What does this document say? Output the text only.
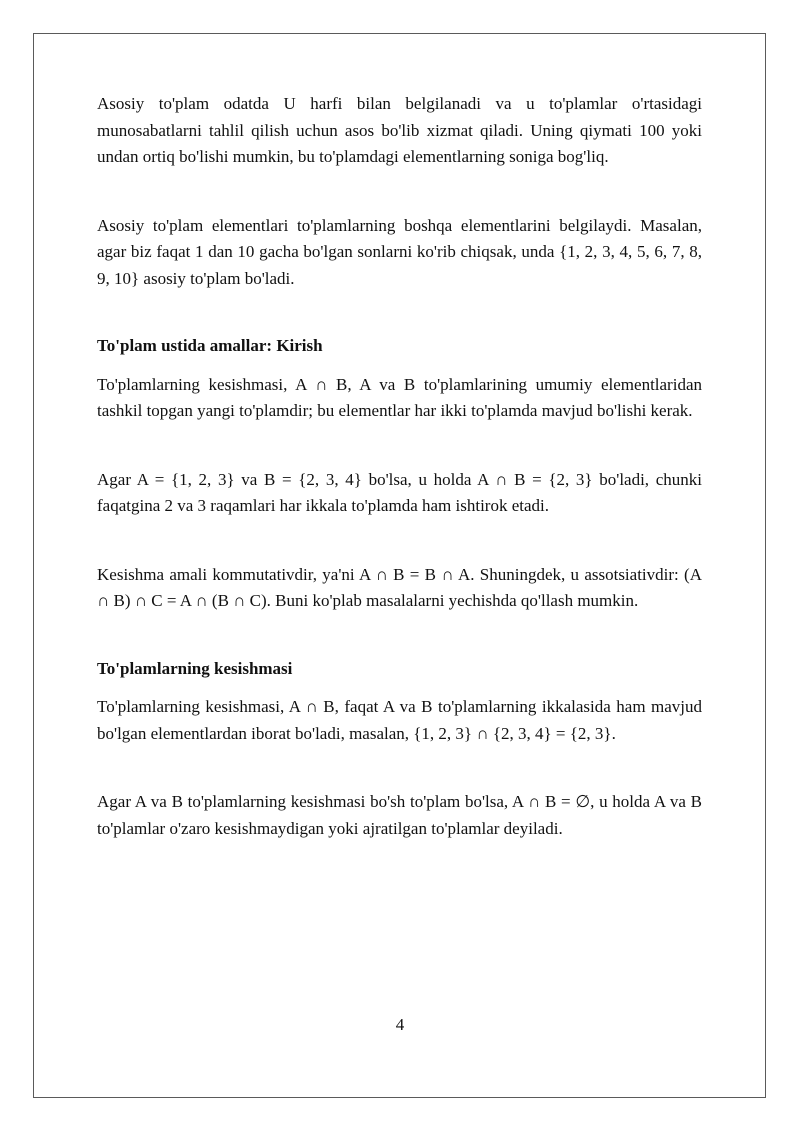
Asosiy to'plam odatda U harfi bilan belgilanadi va u to'plamlar o'rtasidagi munosabatlarni tahlil qilish uchun asos bo'lib xizmat qiladi. Uning qiymati 100 yoki undan ortiq bo'lishi mumkin, bu to'plamdagi elementlarning soniga bog'liq.

Asosiy to'plam elementlari to'plamlarning boshqa elementlarini belgilaydi. Masalan, agar biz faqat 1 dan 10 gacha bo'lgan sonlarni ko'rib chiqsak, unda {1, 2, 3, 4, 5, 6, 7, 8, 9, 10} asosiy to'plam bo'ladi.

To'plam ustida amallar: Kirish

To'plamlarning kesishmasi, A ∩ B, A va B to'plamlarining umumiy elementlaridan tashkil topgan yangi to'plamdir; bu elementlar har ikki to'plamda mavjud bo'lishi kerak.

Agar A = {1, 2, 3} va B = {2, 3, 4} bo'lsa, u holda A ∩ B = {2, 3} bo'ladi, chunki faqatgina 2 va 3 raqamlari har ikkala to'plamda ham ishtirok etadi.

Kesishma amali kommutativdir, ya'ni A ∩ B = B ∩ A. Shuningdek, u assotsiativdir: (A ∩ B) ∩ C = A ∩ (B ∩ C). Buni ko'plab masalalarni yechishda qo'llash mumkin.

To'plamlarning kesishmasi

To'plamlarning kesishmasi, A ∩ B, faqat A va B to'plamlarning ikkalasida ham mavjud bo'lgan elementlardan iborat bo'ladi, masalan, {1, 2, 3} ∩ {2, 3, 4} = {2, 3}.

Agar A va B to'plamlarning kesishmasi bo'sh to'plam bo'lsa, A ∩ B = ∅, u holda A va B to'plamlar o'zaro kesishmaydigan yoki ajratilgan to'plamlar deyiladi.

4
